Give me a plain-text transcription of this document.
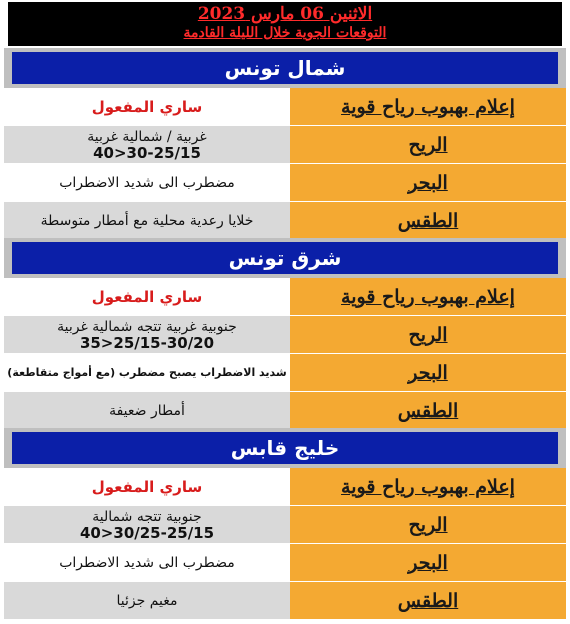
الاثنين 06 مارس 2023
التوقعات الجوية خلال الليلة القادمة
شمال تونس
إعلام بهبوب رياح قوية
ساري المفعول
الريح
غربية / شمالية غربية
40>30-25/15
البحر
مضطرب الى شديد الاضطراب
الطقس
خلايا رعدية محلية مع أمطار متوسطة
شرق تونس
إعلام بهبوب رياح قوية
ساري المفعول
الريح
جنوبية غربية تتجه شمالية غربية
35>25/15-30/20
البحر
شديد الاضطراب يصبح مضطرب (مع أمواج متقاطعة)
الطقس
أمطار ضعيفة
خليج قابس
إعلام بهبوب رياح قوية
ساري المفعول
الريح
جنوبية تتجه شمالية
40>30/25-25/15
البحر
مضطرب الى شديد الاضطراب
الطقس
مغيم جزئيا
